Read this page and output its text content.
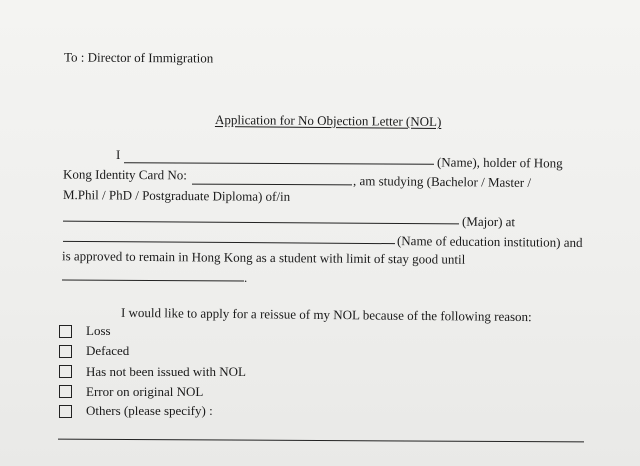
To : Director of Immigration
Application for No Objection Letter (NOL)
I	(Name), holder of Hong
Kong Identity Card No:	, am studying (Bachelor / Master /
M.Phil / PhD / Postgraduate Diploma) of/in
(Major) at
(Name of education institution) and
is approved to remain in Hong Kong as a student with limit of stay good until
.
I would like to apply for a reissue of my NOL because of the following reason:
Loss
Defaced
Has not been issued with NOL
Error on original NOL
Others (please specify) :
